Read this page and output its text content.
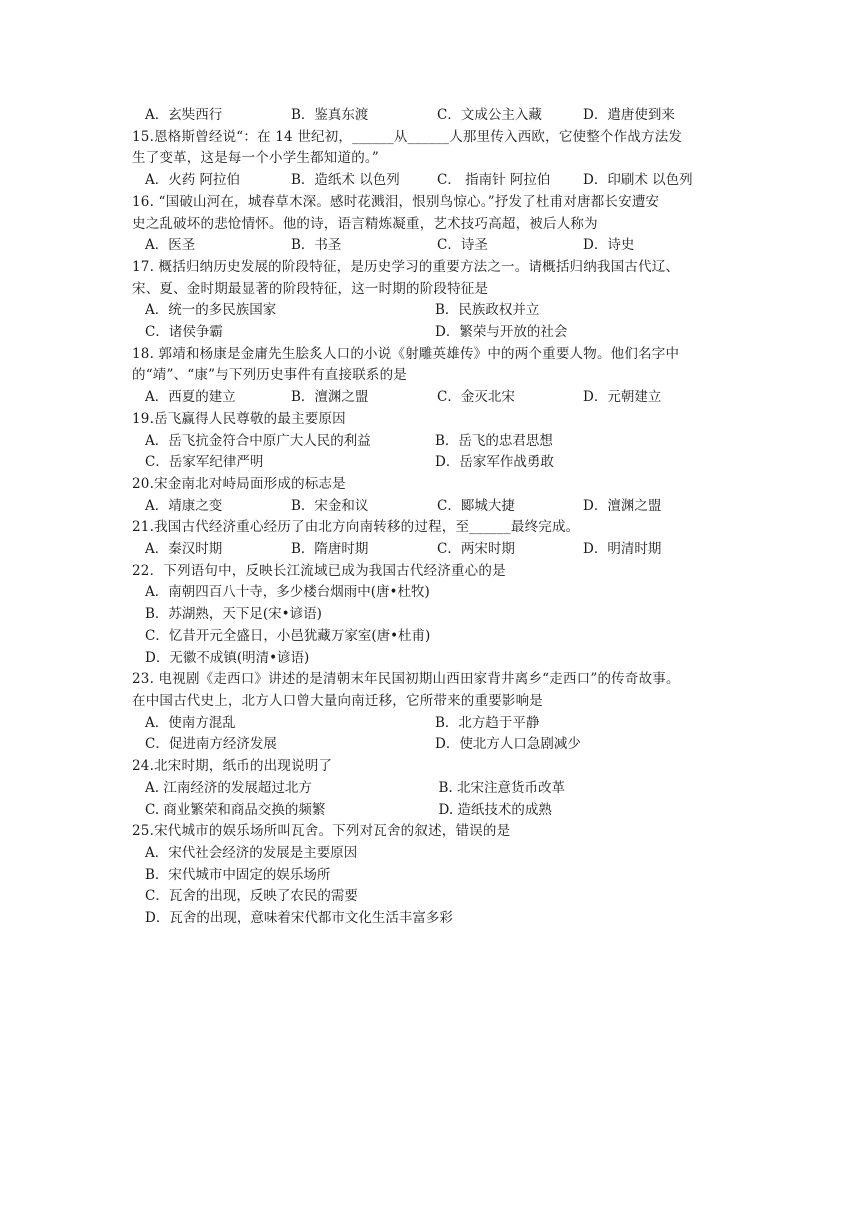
A．玄奘西行	B．鉴真东渡	C．文成公主入藏	D．遣唐使到来
15.恩格斯曾经说“：在 14 世纪初，______从______人那里传入西欧，它使整个作战方法发
生了变革，这是每一个小学生都知道的。”
A．火药 阿拉伯	B．造纸术 以色列	C． 指南针 阿拉伯	D．印刷术 以色列
16. “国破山河在，城春草木深。感时花溅泪，恨别鸟惊心。”抒发了杜甫对唐都长安遭安
史之乱破坏的悲怆情怀。他的诗，语言精炼凝重，艺术技巧高超，被后人称为
A．医圣	B．书圣	C．诗圣	D．诗史
17. 概括归纳历史发展的阶段特征，是历史学习的重要方法之一。请概括归纳我国古代辽、
宋、夏、金时期最显著的阶段特征，这一时期的阶段特征是
A．统一的多民族国家	B．民族政权并立
C．诸侯争霸	D．繁荣与开放的社会
18. 郭靖和杨康是金庸先生脍炙人口的小说《射雕英雄传》中的两个重要人物。他们名字中
的“靖”、“康”与下列历史事件有直接联系的是
A．西夏的建立	B．澶渊之盟	C．金灭北宋	D．元朝建立
19.岳飞赢得人民尊敬的最主要原因
A．岳飞抗金符合中原广大人民的利益	B．岳飞的忠君思想
C．岳家军纪律严明	D．岳家军作战勇敢
20.宋金南北对峙局面形成的标志是
A．靖康之变	B．宋金和议	C．郾城大捷	D．澶渊之盟
21.我国古代经济重心经历了由北方向南转移的过程，至______最终完成。
A．秦汉时期	B．隋唐时期	C．两宋时期	D．明清时期
22．下列语句中，反映长江流域已成为我国古代经济重心的是
A．南朝四百八十寺，多少楼台烟雨中(唐•杜牧)
B．苏湖熟，天下足(宋•谚语)
C．忆昔开元全盛日，小邑犹藏万家室(唐•杜甫)
D．无徽不成镇(明清•谚语)
23. 电视剧《走西口》讲述的是清朝末年民国初期山西田家背井离乡“走西口”的传奇故事。
在中国古代史上，北方人口曾大量向南迁移，它所带来的重要影响是
A．使南方混乱	B．北方趋于平静
C．促进南方经济发展	D．使北方人口急剧减少
24.北宋时期，纸币的出现说明了
A. 江南经济的发展超过北方	B. 北宋注意货币改革
C. 商业繁荣和商品交换的频繁	D. 造纸技术的成熟
25.宋代城市的娱乐场所叫瓦舍。下列对瓦舍的叙述，错误的是
A．宋代社会经济的发展是主要原因
B．宋代城市中固定的娱乐场所
C．瓦舍的出现，反映了农民的需要
D．瓦舍的出现，意味着宋代都市文化生活丰富多彩
